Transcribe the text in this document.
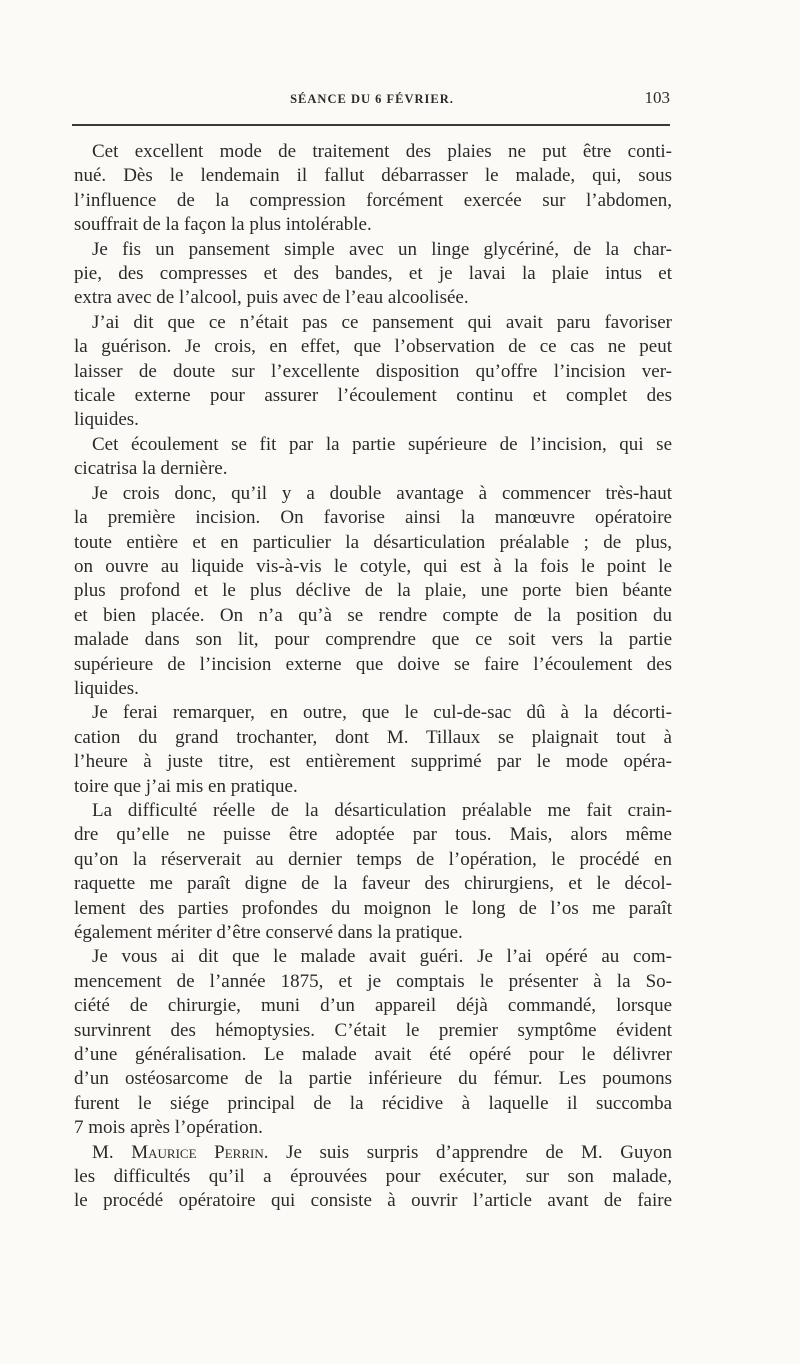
SÉANCE DU 6 FÉVRIER.	103
Cet excellent mode de traitement des plaies ne put être conti-
nué. Dès le lendemain il fallut débarrasser le malade, qui, sous
l’influence de la compression forcément exercée sur l’abdomen,
souffrait de la façon la plus intolérable.
Je fis un pansement simple avec un linge glycériné, de la char-
pie, des compresses et des bandes, et je lavai la plaie intus et
extra avec de l’alcool, puis avec de l’eau alcoolisée.
J’ai dit que ce n’était pas ce pansement qui avait paru favoriser
la guérison. Je crois, en effet, que l’observation de ce cas ne peut
laisser de doute sur l’excellente disposition qu’offre l’incision ver-
ticale externe pour assurer l’écoulement continu et complet des
liquides.
Cet écoulement se fit par la partie supérieure de l’incision, qui se
cicatrisa la dernière.
Je crois donc, qu’il y a double avantage à commencer très-haut
la première incision. On favorise ainsi la manœuvre opératoire
toute entière et en particulier la désarticulation préalable ; de plus,
on ouvre au liquide vis-à-vis le cotyle, qui est à la fois le point le
plus profond et le plus déclive de la plaie, une porte bien béante
et bien placée. On n’a qu’à se rendre compte de la position du
malade dans son lit, pour comprendre que ce soit vers la partie
supérieure de l’incision externe que doive se faire l’écoulement des
liquides.
Je ferai remarquer, en outre, que le cul-de-sac dû à la décorti-
cation du grand trochanter, dont M. Tillaux se plaignait tout à
l’heure à juste titre, est entièrement supprimé par le mode opéra-
toire que j’ai mis en pratique.
La difficulté réelle de la désarticulation préalable me fait crain-
dre qu’elle ne puisse être adoptée par tous. Mais, alors même
qu’on la réserverait au dernier temps de l’opération, le procédé en
raquette me paraît digne de la faveur des chirurgiens, et le décol-
lement des parties profondes du moignon le long de l’os me paraît
également mériter d’être conservé dans la pratique.
Je vous ai dit que le malade avait guéri. Je l’ai opéré au com-
mencement de l’année 1875, et je comptais le présenter à la So-
ciété de chirurgie, muni d’un appareil déjà commandé, lorsque
survinrent des hémoptysies. C’était le premier symptôme évident
d’une généralisation. Le malade avait été opéré pour le délivrer
d’un ostéosarcome de la partie inférieure du fémur. Les poumons
furent le siége principal de la récidive à laquelle il succomba
7 mois après l’opération.
M. Maurice Perrin. Je suis surpris d’apprendre de M. Guyon
les difficultés qu’il a éprouvées pour exécuter, sur son malade,
le procédé opératoire qui consiste à ouvrir l’article avant de faire
